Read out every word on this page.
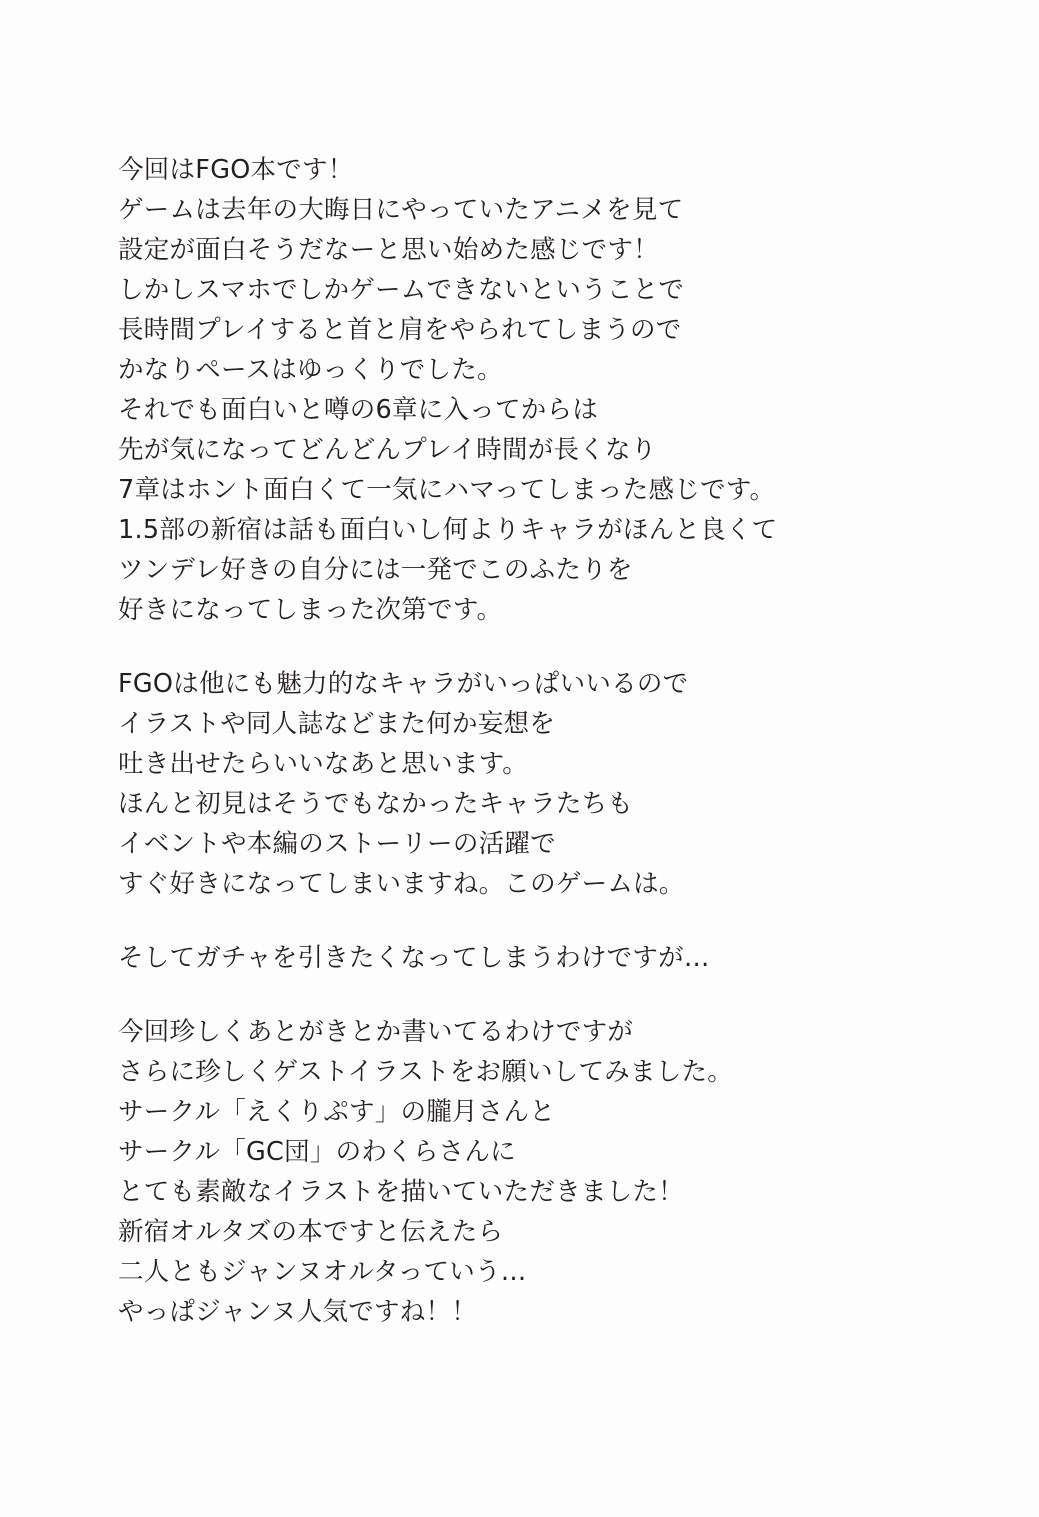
今回はFGO本です！
ゲームは去年の大晦日にやっていたアニメを見て
設定が面白そうだなーと思い始めた感じです！
しかしスマホでしかゲームできないということで
長時間プレイすると首と肩をやられてしまうので
かなりペースはゆっくりでした。
それでも面白いと噂の6章に入ってからは
先が気になってどんどんプレイ時間が長くなり
7章はホント面白くて一気にハマってしまった感じです。
1.5部の新宿は話も面白いし何よりキャラがほんと良くて
ツンデレ好きの自分には一発でこのふたりを
好きになってしまった次第です。
FGOは他にも魅力的なキャラがいっぱいいるので
イラストや同人誌などまた何か妄想を
吐き出せたらいいなあと思います。
ほんと初見はそうでもなかったキャラたちも
イベントや本編のストーリーの活躍で
すぐ好きになってしまいますね。このゲームは。
そしてガチャを引きたくなってしまうわけですが…
今回珍しくあとがきとか書いてるわけですが
さらに珍しくゲストイラストをお願いしてみました。
サークル「えくりぷす」の朧月さんと
サークル「GC団」のわくらさんに
とても素敵なイラストを描いていただきました！
新宿オルタズの本ですと伝えたら
二人ともジャンヌオルタっていう…
やっぱジャンヌ人気ですね！！
